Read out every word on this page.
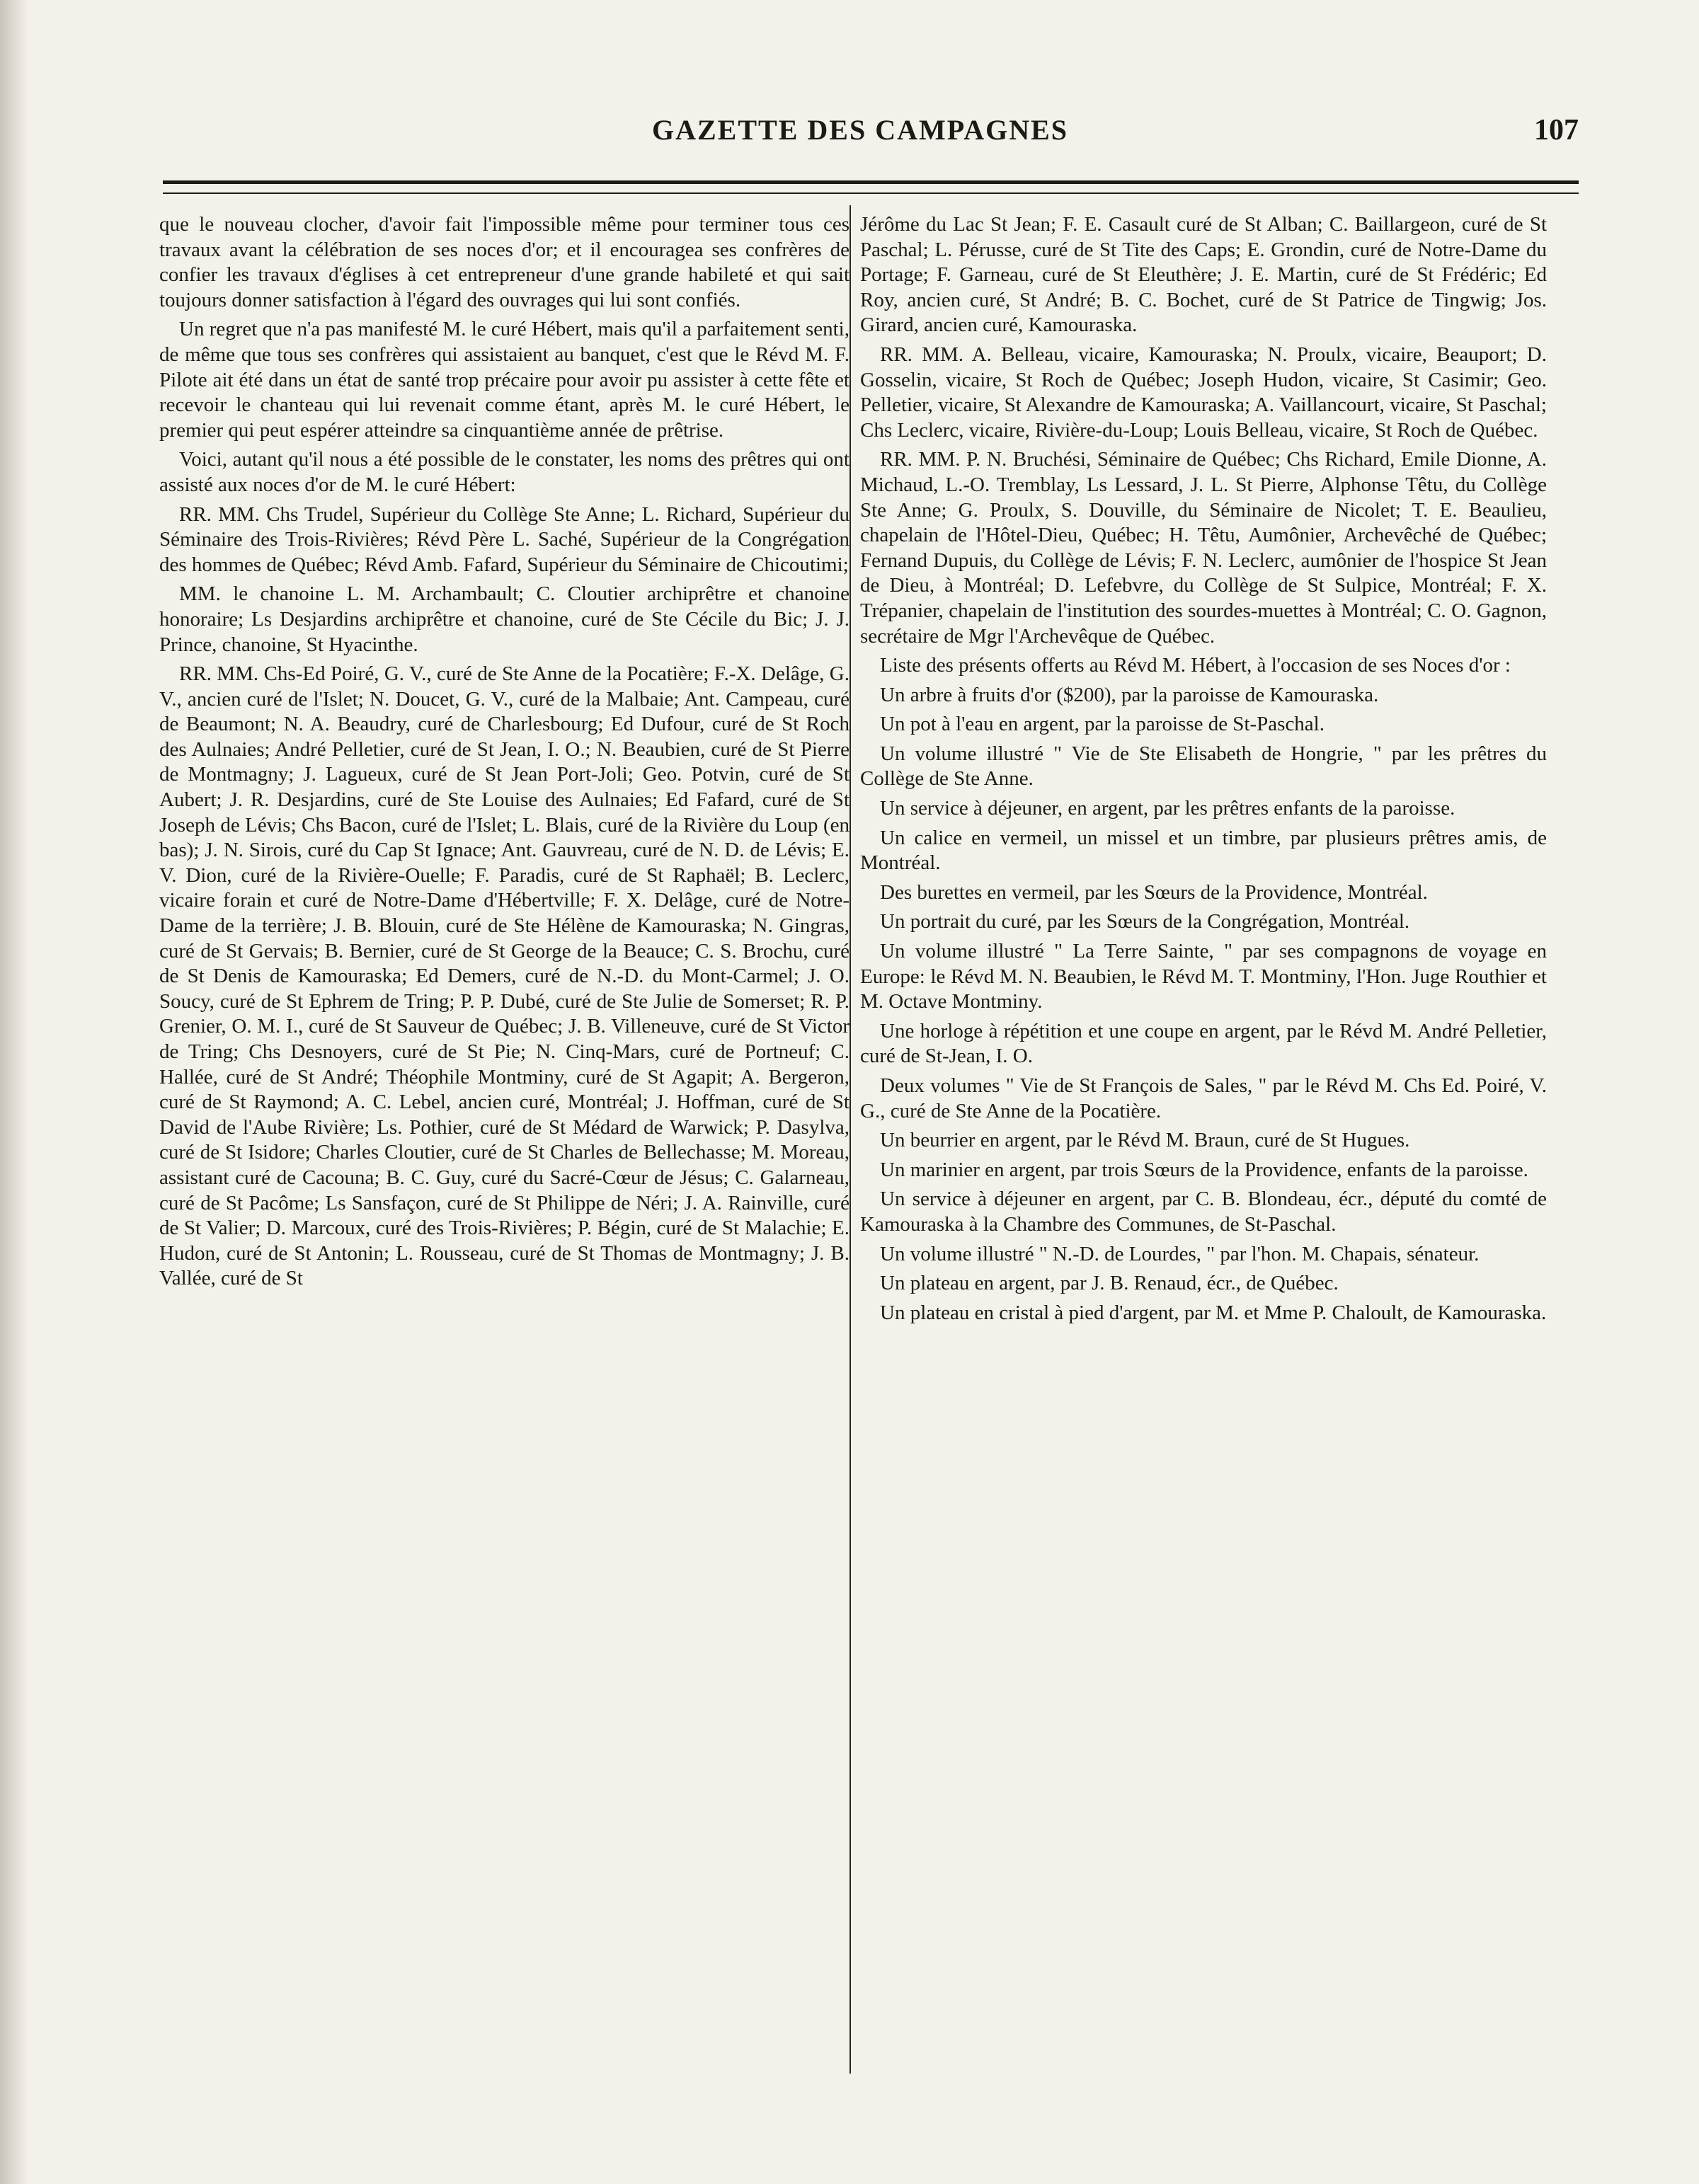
GAZETTE DES CAMPAGNES	107

que le nouveau clocher, d'avoir fait l'impossible même pour terminer tous ces travaux avant la célébration de ses noces d'or; et il encouragea ses confrères de confier les travaux d'églises à cet entrepreneur d'une grande habileté et qui sait toujours donner satisfaction à l'égard des ouvrages qui lui sont confiés.

Un regret que n'a pas manifesté M. le curé Hébert, mais qu'il a parfaitement senti, de même que tous ses confrères qui assistaient au banquet, c'est que le Révd M. F. Pilote ait été dans un état de santé trop précaire pour avoir pu assister à cette fête et recevoir le chanteau qui lui revenait comme étant, après M. le curé Hébert, le premier qui peut espérer atteindre sa cinquantième année de prêtrise.

Voici, autant qu'il nous a été possible de le constater, les noms des prêtres qui ont assisté aux noces d'or de M. le curé Hébert:

RR. MM. Chs Trudel, Supérieur du Collège Ste Anne; L. Richard, Supérieur du Séminaire des Trois-Rivières; Révd Père L. Saché, Supérieur de la Congrégation des hommes de Québec; Révd Amb. Fafard, Supérieur du Séminaire de Chicoutimi;

MM. le chanoine L. M. Archambault; C. Cloutier archiprêtre et chanoine honoraire; Ls Desjardins archiprêtre et chanoine, curé de Ste Cécile du Bic; J. J. Prince, chanoine, St Hyacinthe.

RR. MM. Chs-Ed Poiré, G. V., curé de Ste Anne de la Pocatière; F.-X. Delâge, G. V., ancien curé de l'Islet; N. Doucet, G. V., curé de la Malbaie; Ant. Campeau, curé de Beaumont; N. A. Beaudry, curé de Charlesbourg; Ed Dufour, curé de St Roch des Aulnaies; André Pelletier, curé de St Jean, I. O.; N. Beaubien, curé de St Pierre de Montmagny; J. Lagueux, curé de St Jean Port-Joli; Geo. Potvin, curé de St Aubert; J. R. Desjardins, curé de Ste Louise des Aulnaies; Ed Fafard, curé de St Joseph de Lévis; Chs Bacon, curé de l'Islet; L. Blais, curé de la Rivière du Loup (en bas); J. N. Sirois, curé du Cap St Ignace; Ant. Gauvreau, curé de N. D. de Lévis; E. V. Dion, curé de la Rivière-Ouelle; F. Paradis, curé de St Raphaël; B. Leclerc, vicaire forain et curé de Notre-Dame d'Hébertville; F. X. Delâge, curé de Notre-Dame de la terrière; J. B. Blouin, curé de Ste Hélène de Kamouraska; N. Gingras, curé de St Gervais; B. Bernier, curé de St George de la Beauce; C. S. Brochu, curé de St Denis de Kamouraska; Ed Demers, curé de N.-D. du Mont-Carmel; J. O. Soucy, curé de St Ephrem de Tring; P. P. Dubé, curé de Ste Julie de Somerset; R. P. Grenier, O. M. I., curé de St Sauveur de Québec; J. B. Villeneuve, curé de St Victor de Tring; Chs Desnoyers, curé de St Pie; N. Cinq-Mars, curé de Portneuf; C. Hallée, curé de St André; Théophile Montminy, curé de St Agapit; A. Bergeron, curé de St Raymond; A. C. Lebel, ancien curé, Montréal; J. Hoffman, curé de St David de l'Aube Rivière; Ls. Pothier, curé de St Médard de Warwick; P. Dasylva, curé de St Isidore; Charles Cloutier, curé de St Charles de Bellechasse; M. Moreau, assistant curé de Cacouna; B. C. Guy, curé du Sacré-Cœur de Jésus; C. Galarneau, curé de St Pacôme; Ls Sansfaçon, curé de St Philippe de Néri; J. A. Rainville, curé de St Valier; D. Marcoux, curé des Trois-Rivières; P. Bégin, curé de St Malachie; E. Hudon, curé de St Antonin; L. Rousseau, curé de St Thomas de Montmagny; J. B. Vallée, curé de St

Jérôme du Lac St Jean; F. E. Casault curé de St Alban; C. Baillargeon, curé de St Paschal; L. Pérusse, curé de St Tite des Caps; E. Grondin, curé de Notre-Dame du Portage; F. Garneau, curé de St Eleuthère; J. E. Martin, curé de St Frédéric; Ed Roy, ancien curé, St André; B. C. Bochet, curé de St Patrice de Tingwig; Jos. Girard, ancien curé, Kamouraska.

RR. MM. A. Belleau, vicaire, Kamouraska; N. Proulx, vicaire, Beauport; D. Gosselin, vicaire, St Roch de Québec; Joseph Hudon, vicaire, St Casimir; Geo. Pelletier, vicaire, St Alexandre de Kamouraska; A. Vaillancourt, vicaire, St Paschal; Chs Leclerc, vicaire, Rivière-du-Loup; Louis Belleau, vicaire, St Roch de Québec.

RR. MM. P. N. Bruchési, Séminaire de Québec; Chs Richard, Emile Dionne, A. Michaud, L.-O. Tremblay, Ls Lessard, J. L. St Pierre, Alphonse Têtu, du Collège Ste Anne; G. Proulx, S. Douville, du Séminaire de Nicolet; T. E. Beaulieu, chapelain de l'Hôtel-Dieu, Québec; H. Têtu, Aumônier, Archevêché de Québec; Fernand Dupuis, du Collège de Lévis; F. N. Leclerc, aumônier de l'hospice St Jean de Dieu, à Montréal; D. Lefebvre, du Collège de St Sulpice, Montréal; F. X. Trépanier, chapelain de l'institution des sourdes-muettes à Montréal; C. O. Gagnon, secrétaire de Mgr l'Archevêque de Québec.

Liste des présents offerts au Révd M. Hébert, à l'occasion de ses Noces d'or :

Un arbre à fruits d'or ($200), par la paroisse de Kamouraska.

Un pot à l'eau en argent, par la paroisse de St-Paschal.

Un volume illustré " Vie de Ste Elisabeth de Hongrie, " par les prêtres du Collège de Ste Anne.

Un service à déjeuner, en argent, par les prêtres enfants de la paroisse.

Un calice en vermeil, un missel et un timbre, par plusieurs prêtres amis, de Montréal.

Des burettes en vermeil, par les Sœurs de la Providence, Montréal.

Un portrait du curé, par les Sœurs de la Congrégation, Montréal.

Un volume illustré " La Terre Sainte, " par ses compagnons de voyage en Europe: le Révd M. N. Beaubien, le Révd M. T. Montminy, l'Hon. Juge Routhier et M. Octave Montminy.

Une horloge à répétition et une coupe en argent, par le Révd M. André Pelletier, curé de St-Jean, I. O.

Deux volumes " Vie de St François de Sales, " par le Révd M. Chs Ed. Poiré, V. G., curé de Ste Anne de la Pocatière.

Un beurrier en argent, par le Révd M. Braun, curé de St Hugues.

Un marinier en argent, par trois Sœurs de la Providence, enfants de la paroisse.

Un service à déjeuner en argent, par C. B. Blondeau, écr., député du comté de Kamouraska à la Chambre des Communes, de St-Paschal.

Un volume illustré " N.-D. de Lourdes, " par l'hon. M. Chapais, sénateur.

Un plateau en argent, par J. B. Renaud, écr., de Québec.

Un plateau en cristal à pied d'argent, par M. et Mme P. Chaloult, de Kamouraska.
